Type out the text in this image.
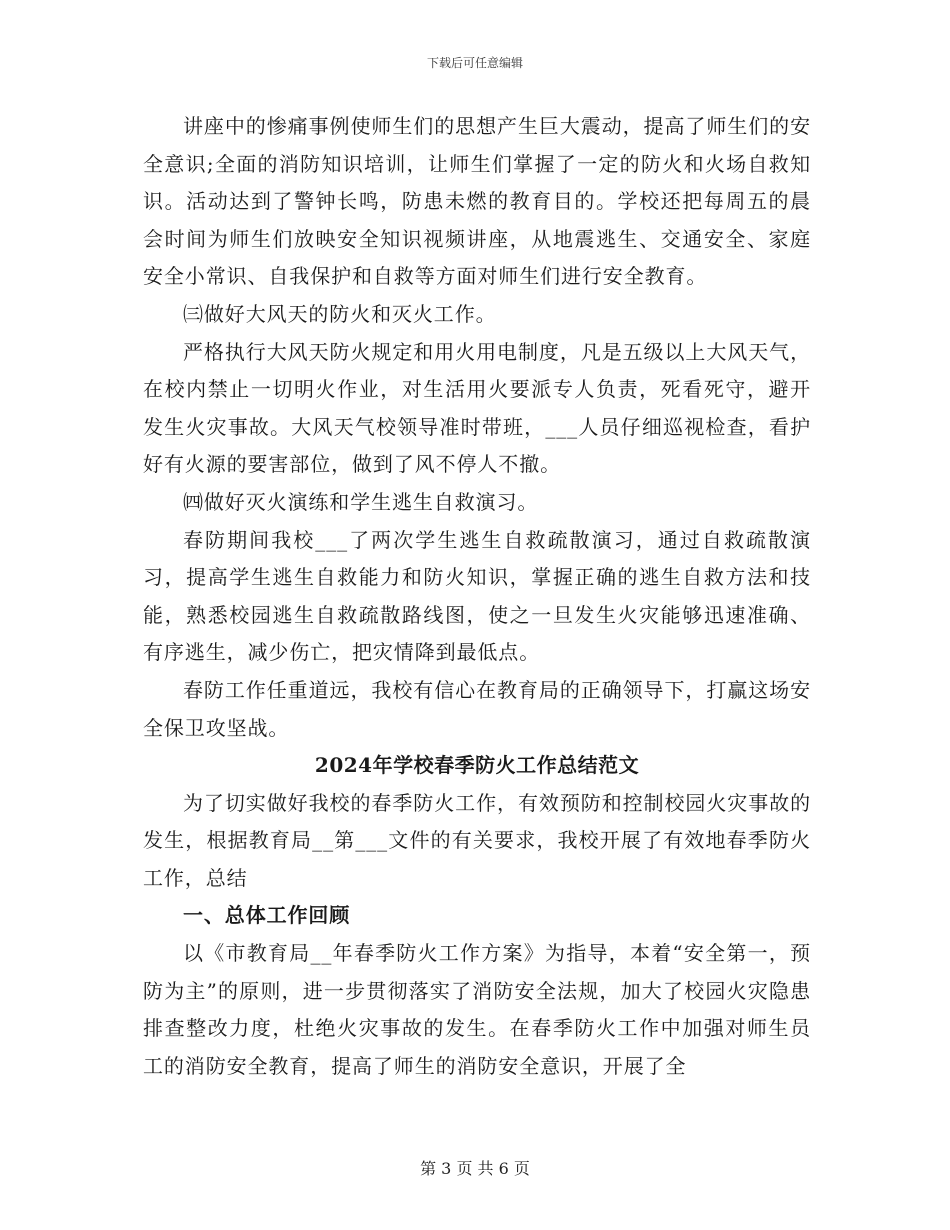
下载后可任意编辑

讲座中的惨痛事例使师生们的思想产生巨大震动，提高了师生们的安全意识;全面的消防知识培训，让师生们掌握了一定的防火和火场自救知识。活动达到了警钟长鸣，防患未燃的教育目的。学校还把每周五的晨会时间为师生们放映安全知识视频讲座，从地震逃生、交通安全、家庭安全小常识、自我保护和自救等方面对师生们进行安全教育。

㈢做好大风天的防火和灭火工作。

严格执行大风天防火规定和用火用电制度，凡是五级以上大风天气，在校内禁止一切明火作业，对生活用火要派专人负责，死看死守，避开发生火灾事故。大风天气校领导准时带班，___人员仔细巡视检查，看护好有火源的要害部位，做到了风不停人不撤。

㈣做好灭火演练和学生逃生自救演习。

春防期间我校___了两次学生逃生自救疏散演习，通过自救疏散演习，提高学生逃生自救能力和防火知识，掌握正确的逃生自救方法和技能，熟悉校园逃生自救疏散路线图，使之一旦发生火灾能够迅速准确、有序逃生，减少伤亡，把灾情降到最低点。

春防工作任重道远，我校有信心在教育局的正确领导下，打赢这场安全保卫攻坚战。

2024年学校春季防火工作总结范文

为了切实做好我校的春季防火工作，有效预防和控制校园火灾事故的发生，根据教育局__第___文件的有关要求，我校开展了有效地春季防火工作，总结

一、总体工作回顾

以《市教育局__年春季防火工作方案》为指导，本着“安全第一，预防为主”的原则，进一步贯彻落实了消防安全法规，加大了校园火灾隐患排查整改力度，杜绝火灾事故的发生。在春季防火工作中加强对师生员工的消防安全教育，提高了师生的消防安全意识，开展了全

第 3 页 共 6 页
